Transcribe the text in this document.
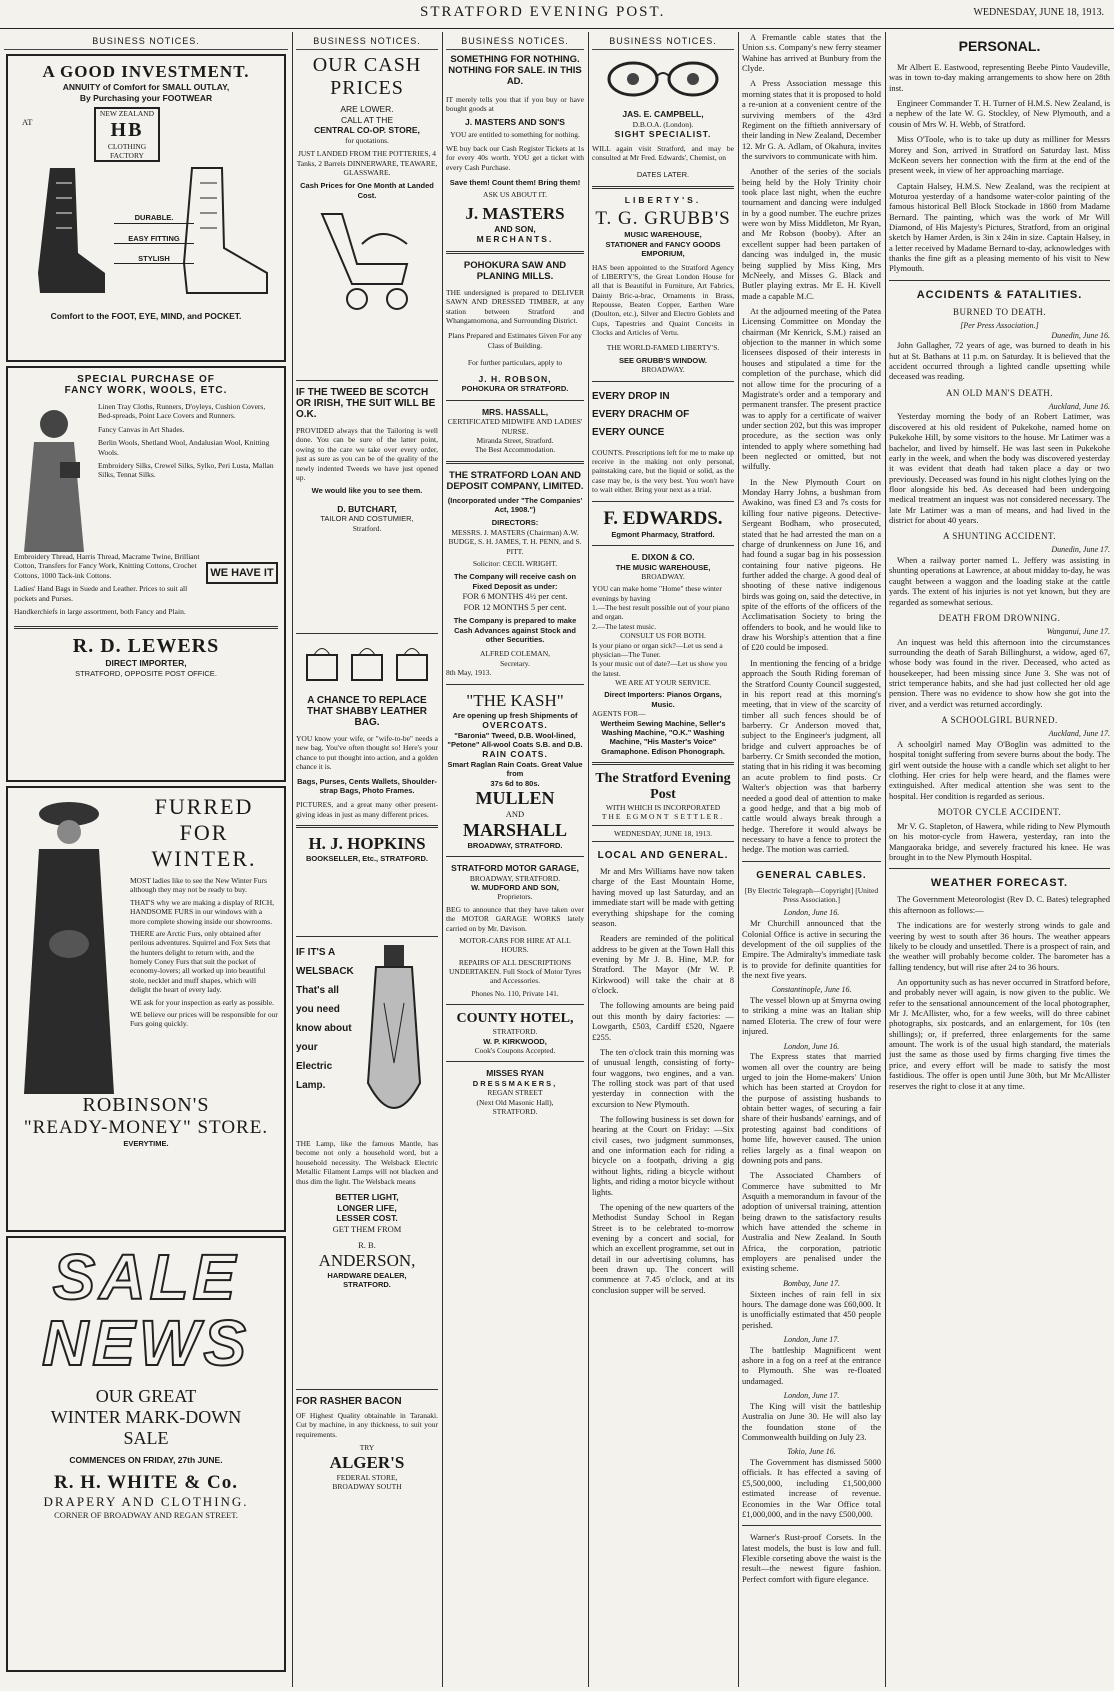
STRATFORD EVENING POST.	WEDNESDAY, JUNE 18, 1913.
BUSINESS NOTICES.
A GOOD INVESTMENT.
ANNUITY of Comfort for SMALL OUTLAY,
By Purchasing your FOOTWEAR
AT
NEW ZEALAND
HB
CLOTHING FACTORY
DURABLE.
EASY FITTING
STYLISH
Comfort to the FOOT, EYE, MIND, and POCKET.
SPECIAL PURCHASE OF
FANCY WORK, WOOLS, ETC.

Linen Tray Cloths, Runners, D'oyleys, Cushion Covers, Bed-spreads, Point Lace Covers and Runners.

Fancy Canvas in Art Shades.

Berlin Wools, Shetland Wool, Andalusian Wool, Knitting Wools.

Embroidery Silks, Crewel Silks, Sylko, Peri Lusta, Mallan Silks, Tennat Silks.

Embroidery Thread, Harris Thread, Macrame Twine, Brilliant Cotton, Transfers for Fancy Work, Knitting Cottons, Crochet Cottons, 1000 Tack-ink Cottons.

Ladies' Hand Bags in Suede and Leather. Prices to suit all pockets and Purses.

Handkerchiefs in large assortment, both Fancy and Plain.

WE HAVE IT
R. D. LEWERS
DIRECT IMPORTER,
STRATFORD, OPPOSITE POST OFFICE.
FURRED
FOR
WINTER.

MOST ladies like to see the New Winter Furs although they may not be ready to buy.

THAT'S why we are making a display of RICH, HANDSOME FURS in our windows with a more complete showing inside our showrooms.

THERE are Arctic Furs, only obtained after perilous adventures. Squirrel and Fox Sets that the hunters delight to return with, and the homely Coney Furs that suit the pocket of economy-lovers; all worked up into beautiful stole, necklet and muff shapes, which will delight the heart of every lady.

WE ask for your inspection as early as possible.

WE believe our prices will be responsible for our Furs going quickly.

ROBINSON'S
"READY-MONEY" STORE.
EVERYTIME.
SALE
NEWS
OUR GREAT
WINTER MARK-DOWN
SALE
COMMENCES ON FRIDAY, 27th JUNE.
R. H. WHITE & Co.
DRAPERY AND CLOTHING.
CORNER OF BROADWAY AND REGAN STREET.
BUSINESS NOTICES.
OUR CASH
PRICES
ARE LOWER.
CALL AT THE
CENTRAL CO-OP. STORE,
for quotations.
JUST LANDED FROM THE POTTERIES, 4 Tanks, 2 Barrels DINNERWARE, TEAWARE, GLASSWARE.
Cash Prices for One Month at Landed Cost.
IF THE TWEED BE SCOTCH OR IRISH, THE SUIT WILL BE O.K.
PROVIDED always that the Tailoring is well done. You can be sure of the latter point, owing to the care we take over every order, just as sure as you can be of the quality of the newly indented Tweeds we have just opened up.
We would like you to see them.
D. BUTCHART,
TAILOR AND COSTUMIER,
Stratford.
A CHANCE TO REPLACE THAT SHABBY LEATHER BAG.
YOU know your wife, or "wife-to-be" needs a new bag. You've often thought so! Here's your chance to put thought into action, and a golden chance it is.
Bags, Purses, Cents Wallets, Shoulder-strap Bags, Photo Frames.
PICTURES, and a great many other present-giving ideas in just as many different prices.
H. J. HOPKINS
BOOKSELLER, Etc., STRATFORD.
IF IT'S A
WELSBACK
That's all
you need
know about
your Electric Lamp.
THE Lamp, like the famous Mantle, has become not only a household word, but a household necessity. The Welsback Electric Metallic Filament Lamps will not blacken and thus dim the light. The Welsback means
BETTER LIGHT,
LONGER LIFE,
LESSER COST.
GET THEM FROM
R. B.
ANDERSON,
HARDWARE DEALER,
STRATFORD.
FOR RASHER BACON
OF Highest Quality obtainable in Taranaki. Cut by machine, in any thickness, to suit your requirements.
TRY
ALGER'S
FEDERAL STORE,
BROADWAY SOUTH
BUSINESS NOTICES.
SOMETHING FOR NOTHING. NOTHING FOR SALE. IN THIS AD.
IT merely tells you that if you buy or have bought goods at
J. MASTERS AND SON'S
YOU are entitled to something for nothing.
WE buy back our Cash Register Tickets at 1s for every 40s worth. YOU get a ticket with every Cash Purchase.
Save them! Count them! Bring them!
ASK US ABOUT IT.
J. MASTERS
AND SON,
MERCHANTS.
POHOKURA SAW AND PLANING MILLS.
THE undersigned is prepared to DELIVER SAWN AND DRESSED TIMBER, at any station between Stratford and Whangamomona, and Surrounding District.
Plans Prepared and Estimates Given For any Class of Building.
For further particulars, apply to
J. H. ROBSON,
POHOKURA OR STRATFORD.
MRS. HASSALL,
CERTIFICATED MIDWIFE AND LADIES' NURSE.
Miranda Street, Stratford.
The Best Accommodation.
THE STRATFORD LOAN AND DEPOSIT COMPANY, LIMITED.
(Incorporated under "The Companies' Act, 1908.")
DIRECTORS:
MESSRS. J. MASTERS (Chairman) A.W. BUDGE, S. H. JAMES, T. H. PENN, and S. PITT.
Solicitor: CECIL WRIGHT.
The Company will receive cash on Fixed Deposit as under:
FOR 6 MONTHS 4½ per cent.
FOR 12 MONTHS 5 per cent.
The Company is prepared to make Cash Advances against Stock and other Securities.
ALFRED COLEMAN,
Secretary.
8th May, 1913.
"THE KASH"
Are opening up fresh Shipments of
OVERCOATS.
"Baronia" Tweed, D.B. Wool-lined, "Petone" All-wool Coats S.B. and D.B.
RAIN COATS.
Smart Raglan Rain Coats. Great Value from
37s 6d to 80s.
MULLEN
AND
MARSHALL
BROADWAY, STRATFORD.
STRATFORD MOTOR GARAGE,
BROADWAY, STRATFORD.
W. MUDFORD AND SON,
Proprietors.
BEG to announce that they have taken over the MOTOR GARAGE WORKS lately carried on by Mr. Davison.
MOTOR-CARS FOR HIRE AT ALL HOURS.
REPAIRS OF ALL DESCRIPTIONS UNDERTAKEN. Full Stock of Motor Tyres and Accessories.
Phones No. 110, Private 141.
COUNTY HOTEL,
STRATFORD.
W. P. KIRKWOOD,
Cook's Coupons Accepted.
MISSES RYAN
DRESSMAKERS,
REGAN STREET
(Next Old Masonic Hall),
STRATFORD.
BUSINESS NOTICES.
JAS. E. CAMPBELL,
D.B.O.A. (London).
SIGHT SPECIALIST.
WILL again visit Stratford, and may be consulted at Mr Fred. Edwards', Chemist, on
DATES LATER.
LIBERTY'S.
T. G. GRUBB'S
MUSIC WAREHOUSE,
STATIONER and FANCY GOODS EMPORIUM,
HAS been appointed to the Stratford Agency of LIBERTY'S, the Great London House for all that is Beautiful in Furniture, Art Fabrics, Dainty Bric-a-brac, Ornaments in Brass, Repousse, Beaten Copper, Earthen Ware (Doulton, etc.), Silver and Electro Goblets and Cups, Tapestries and Quaint Conceits in Clocks and Articles of Vertu.
THE WORLD-FAMED LIBERTY'S.
SEE GRUBB'S WINDOW.
BROADWAY.
EVERY DROP IN
EVERY DRACHM OF
EVERY OUNCE
COUNTS. Prescriptions left for me to make up receive in the making not only personal, painstaking care, but the liquid or solid, as the case may be, is the very best. You won't have to wait either. Bring your next as a trial.
F. EDWARDS.
Egmont Pharmacy, Stratford.
E. DIXON & CO.
THE MUSIC WAREHOUSE,
BROADWAY.
YOU can make home "Home" these winter evenings by having
1.—The best result possible out of your piano and organ.
2.—The latest music.
CONSULT US FOR BOTH.
Is your piano or organ sick?—Let us send a physician—The Tuner.
Is your music out of date?—Let us show you the latest.
WE ARE AT YOUR SERVICE.
Direct Importers: Pianos Organs, Music.
AGENTS FOR—
Wertheim Sewing Machine, Seller's Washing Machine, "O.K." Washing Machine, "His Master's Voice" Gramaphone. Edison Phonograph.
The Stratford Evening Post
WITH WHICH IS INCORPORATED
THE EGMONT SETTLER.
WEDNESDAY, JUNE 18, 1913.
LOCAL AND GENERAL.

Mr and Mrs Williams have now taken charge of the East Mountain Home, having moved up last Saturday, and an immediate start will be made with getting everything shipshape for the coming season.

Readers are reminded of the political address to be given at the Town Hall this evening by Mr J. B. Hine, M.P. for Stratford. The Mayor (Mr W. P. Kirkwood) will take the chair at 8 o'clock.

The following amounts are being paid out this month by dairy factories: —Lowgarth, £503, Cardiff £520, Ngaere £255.

The ten o'clock train this morning was of unusual length, consisting of forty-four waggons, two engines, and a van. The rolling stock was part of that used yesterday in connection with the excursion to New Plymouth.

The following business is set down for hearing at the Court on Friday: —Six civil cases, two judgment summonses, and one information each for riding a bicycle on a footpath, driving a gig without lights, riding a bicycle without lights, and riding a motor bicycle without lights.

The opening of the new quarters of the Methodist Sunday School in Regan Street is to be celebrated to-morrow evening by a concert and social, for which an excellent programme, set out in detail in our advertising columns, has been drawn up. The concert will commence at 7.45 o'clock, and at its conclusion supper will be served.

A Fremantle cable states that the Union s.s. Company's new ferry steamer Wahine has arrived at Bunbury from the Clyde.

A Press Association message this morning states that it is proposed to hold a re-union at a convenient centre of the surviving members of the 43rd Regiment on the fiftieth anniversary of their landing in New Zealand, December 12. Mr G. A. Adlam, of Okahura, invites the survivors to communicate with him.

Another of the series of the socials being held by the Holy Trinity choir took place last night, when the euchre tournament and dancing were indulged in by a good number. The euchre prizes were won by Miss Middleton, Mr Ryan, and Mr Robson (booby). After an excellent supper had been partaken of dancing was indulged in, the music being supplied by Miss King, Mrs McNeely, and Misses G. Black and Butler playing extras. Mr E. H. Kivell made a capable M.C.

At the adjourned meeting of the Patea Licensing Committee on Monday the chairman (Mr Kenrick, S.M.) raised an objection to the manner in which some licensees disposed of their interests in houses and stipulated a time for the completion of the purchase, which did not allow time for the procuring of a Magistrate's order and a temporary and permanent transfer. The present practice was to apply for a certificate of waiver under section 202, but this was improper procedure, as the section was only intended to apply where something had been neglected or omitted, but not wilfully.

In the New Plymouth Court on Monday Harry Johns, a bushman from Awakino, was fined £3 and 7s costs for killing four native pigeons. Detective-Sergeant Bodham, who prosecuted, stated that he had arrested the man on a charge of drunkenness on June 16, and had found a sugar bag in his possession containing four native pigeons. He further added the charge. A good deal of shooting of these native indigenous birds was going on, said the detective, in spite of the efforts of the officers of the Acclimatisation Society to bring the offenders to book, and he would like to draw his Worship's attention that a fine of £20 could be imposed.

In mentioning the fencing of a bridge approach the South Riding foreman of the Stratford County Council suggested, in his report read at this morning's meeting, that in view of the scarcity of timber all such fences should be of barberry. Cr Anderson moved that, subject to the Engineer's judgment, all bridge and culvert approaches be of barberry. Cr Smith seconded the motion, stating that in his riding it was becoming an acute problem to find posts. Cr Walter's objection was that barberry needed a good deal of attention to make a good hedge, and that a big mob of cattle would always break through a hedge. Therefore it would always be necessary to have a fence to protect the hedge. The motion was carried.

GENERAL CABLES.
[By Electric Telegraph—Copyright] [United Press Association.]
London, June 16.

Mr Churchill announced that the Colonial Office is active in securing the development of the oil supplies of the Empire. The Admiralty's immediate task is to provide for definite quantities for the next five years.

Constantinople, June 16.

The vessel blown up at Smyrna owing to striking a mine was an Italian ship named Eloteria. The crew of four were injured.

London, June 16.

The Express states that married women all over the country are being urged to join the Home-makers' Union which has been started at Croydon for the purpose of assisting husbands to obtain better wages, of securing a fair share of their husbands' earnings, and of protesting against bad conditions of home life, however caused. The union relies largely as a final weapon on downing pots and pans.

The Associated Chambers of Commerce have submitted to Mr Asquith a memorandum in favour of the adoption of universal training, attention being drawn to the satisfactory results which have attended the scheme in Australia and New Zealand. In South Africa, the corporation, patriotic employers are penalised under the existing scheme.

Bombay, June 17.

Sixteen inches of rain fell in six hours. The damage done was £60,000. It is unofficially estimated that 450 people perished.

London, June 17.

The battleship Magnificent went ashore in a fog on a reef at the entrance to Plymouth. She was re-floated undamaged.

London, June 17.

The King will visit the battleship Australia on June 30. He will also lay the foundation stone of the Commonwealth building on July 23.

Tokio, June 16.

The Government has dismissed 5000 officials. It has effected a saving of £5,500,000, including £1,500,000 estimated increase of revenue. Economies in the War Office total £1,000,000, and in the navy £500,000.

Warner's Rust-proof Corsets. In the latest models, the bust is low and full. Flexible corseting above the waist is the result—the newest figure fashion. Perfect comfort with figure elegance.

PERSONAL.

Mr Albert E. Eastwood, representing Beebe Pinto Vaudeville, was in town to-day making arrangements to show here on 28th inst.

Engineer Commander T. H. Turner of H.M.S. New Zealand, is a nephew of the late W. G. Stockley, of New Plymouth, and a cousin of Mrs W. H. Webb, of Stratford.

Miss O'Toole, who is to take up duty as milliner for Messrs Morey and Son, arrived in Stratford on Saturday last. Miss McKeon severs her connection with the firm at the end of the present week, in view of her approaching marriage.

Captain Halsey, H.M.S. New Zealand, was the recipient at Moturoa yesterday of a handsome water-color painting of the famous historical Bell Block Stockade in 1860 from Madame Bernard. The painting, which was the work of Mr Will Diamond, of His Majesty's Pictures, Stratford, from an original sketch by Hamer Arden, is 3in x 24in in size. Captain Halsey, in a letter received by Madame Bernard to-day, acknowledges with thanks the fine gift as a pleasing memento of his visit to New Plymouth.

ACCIDENTS & FATALITIES.
BURNED TO DEATH.
[Per Press Association.]
Dunedin, June 16.

John Gallagher, 72 years of age, was burned to death in his hut at St. Bathans at 11 p.m. on Saturday. It is believed that the accident occurred through a lighted candle upsetting while deceased was reading.

AN OLD MAN'S DEATH.
Auckland, June 16.

Yesterday morning the body of an Robert Latimer, was discovered at his old resident of Pukekohe, named home on Pukekohe Hill, by some visitors to the house. Mr Latimer was a bachelor, and lived by himself. He was last seen in Pukekohe early in the week, and when the body was discovered yesterday it was evident that death had taken place a day or two previously. Deceased was found in his night clothes lying on the floor alongside his bed. As deceased had been undergoing medical treatment an inquest was not considered necessary. The late Mr Latimer was a man of means, and had lived in the district for about 40 years.

A SHUNTING ACCIDENT.
Dunedin, June 17.

When a railway porter named L. Jeffery was assisting in shunting operations at Lawrence, at about midday to-day, he was caught between a waggon and the loading stake at the cattle yards. The extent of his injuries is not yet known, but they are regarded as somewhat serious.

DEATH FROM DROWNING.
Wanganui, June 17.

An inquest was held this afternoon into the circumstances surrounding the death of Sarah Billinghurst, a widow, aged 67, whose body was found in the river. Deceased, who acted as housekeeper, had been missing since June 3. She was not of strict temperance habits, and she had just collected her old age pension. There was no evidence to show how she got into the river, and a verdict was returned accordingly.

A SCHOOLGIRL BURNED.
Auckland, June 17.

A schoolgirl named May O'Boglin was admitted to the hospital tonight suffering from severe burns about the body. The girl went outside the house with a candle which set alight to her clothing. Her cries for help were heard, and the flames were extinguished. After medical attention she was sent to the hospital. Her condition is regarded as serious.

MOTOR CYCLE ACCIDENT.

Mr V. G. Stapleton, of Hawera, while riding to New Plymouth on his motor-cycle from Hawera, yesterday, ran into the Mangaoraka bridge, and severely fractured his knee. He was brought in to the New Plymouth Hospital.

WEATHER FORECAST.

The Government Meteorologist (Rev D. C. Bates) telegraphed this afternoon as follows:—

The indications are for westerly strong winds to gale and veering by west to south after 36 hours. The weather appears likely to be cloudy and unsettled. There is a prospect of rain, and the weather will probably become colder. The barometer has a falling tendency, but will rise after 24 to 36 hours.

An opportunity such as has never occurred in Stratford before, and probably never will again, is now given to the public. We refer to the sensational announcement of the local photographer, Mr J. McAllister, who, for a few weeks, will do three cabinet photographs, six postcards, and an enlargement, for 10s (ten shillings); or, if preferred, three enlargements for the same amount. The work is of the usual high standard, the materials just the same as those used by firms charging five times the price, and every effort will be made to satisfy the most fastidious. The offer is open until June 30th, but Mr McAllister reserves the right to close it at any time.
